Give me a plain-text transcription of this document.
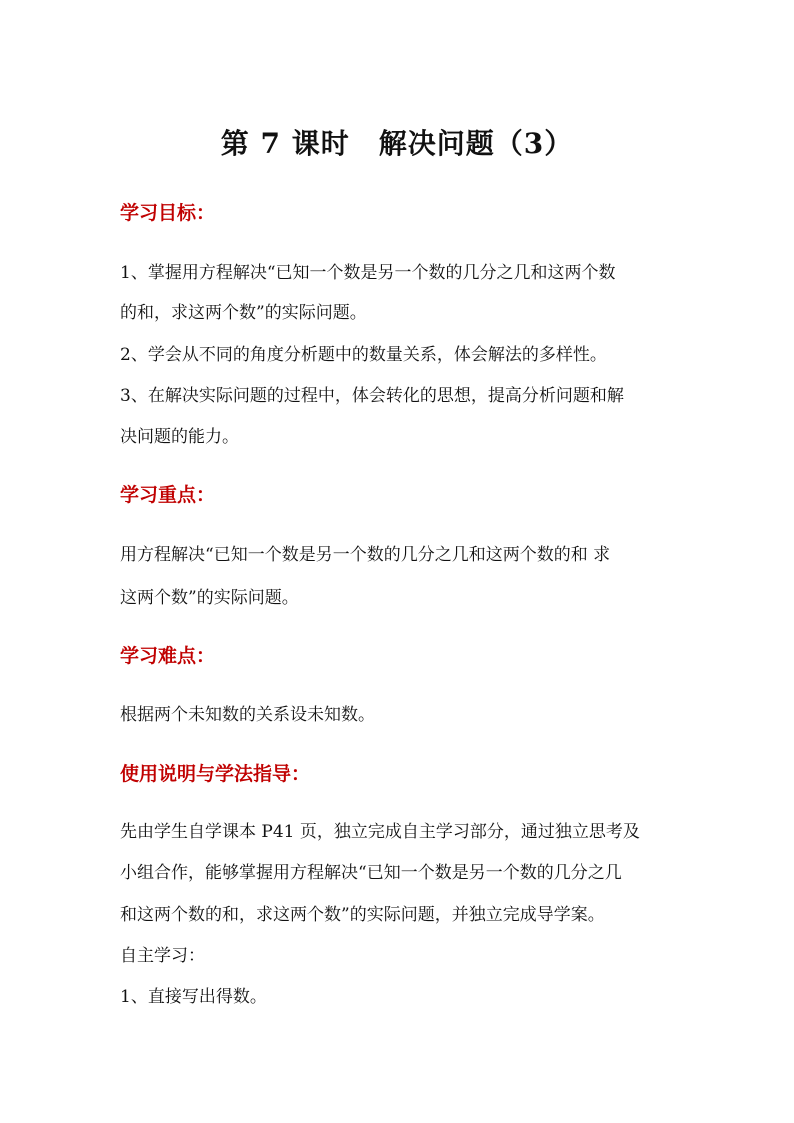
第 7 课时　解决问题（3）
学习目标：
1、掌握用方程解决“已知一个数是另一个数的几分之几和这两个数
的和，求这两个数”的实际问题。
2、学会从不同的角度分析题中的数量关系，体会解法的多样性。
3、在解决实际问题的过程中，体会转化的思想，提高分析问题和解
决问题的能力。
学习重点：
用方程解决“已知一个数是另一个数的几分之几和这两个数的和 求
这两个数”的实际问题。
学习难点：
根据两个未知数的关系设未知数。
使用说明与学法指导：
先由学生自学课本 P41 页，独立完成自主学习部分，通过独立思考及
小组合作，能够掌握用方程解决“已知一个数是另一个数的几分之几
和这两个数的和，求这两个数”的实际问题，并独立完成导学案。
自主学习：
1、直接写出得数。
